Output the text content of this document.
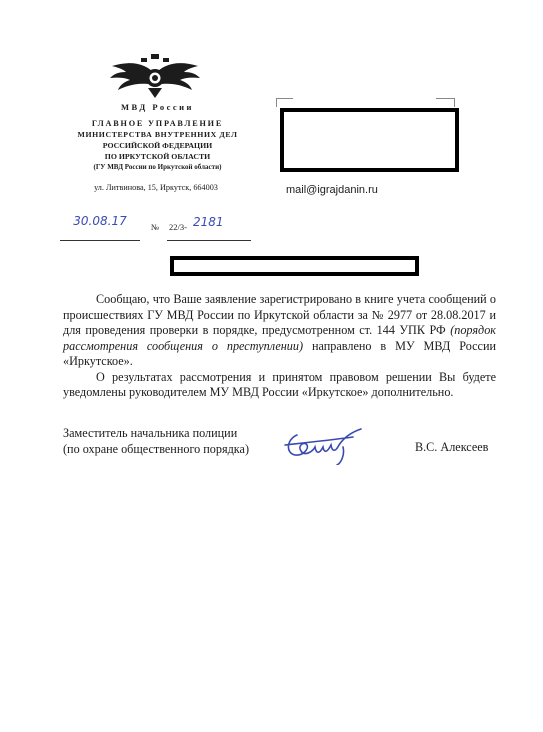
МВД России
ГЛАВНОЕ УПРАВЛЕНИЕ
МИНИСТЕРСТВА ВНУТРЕННИХ ДЕЛ
РОССИЙСКОЙ ФЕДЕРАЦИИ
ПО ИРКУТСКОЙ ОБЛАСТИ
(ГУ МВД России по Иркутской области)
ул. Литвинова, 15, Иркутск, 664003
30.08.17	№ 22/3- 2181
mail@igrajdanin.ru

Сообщаю, что Ваше заявление зарегистрировано в книге учета сообщений о происшествиях ГУ МВД России по Иркутской области за № 2977 от 28.08.2017 и для проведения проверки в порядке, предусмотренном ст. 144 УПК РФ (порядок рассмотрения сообщения о преступлении) направлено в МУ МВД России «Иркутское».

О результатах рассмотрения и принятом правовом решении Вы будете уведомлены руководителем МУ МВД России «Иркутское» дополнительно.

Заместитель начальника полиции
(по охране общественного порядка)	В.С. Алексеев
